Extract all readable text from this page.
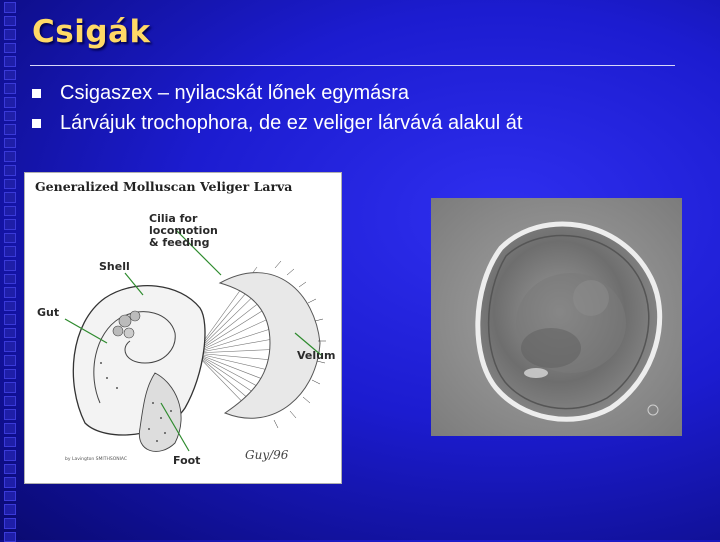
Csigák
Csigaszex – nyilacskát lőnek egymásra
Lárvájuk trochophora, de ez veliger lárvává alakul át
Generalized Molluscan Veliger Larva
Cilia for
locomotion
& feeding
Shell
Gut
Velum
Foot	Guy/96
by Lavington SMITHSONIAC
